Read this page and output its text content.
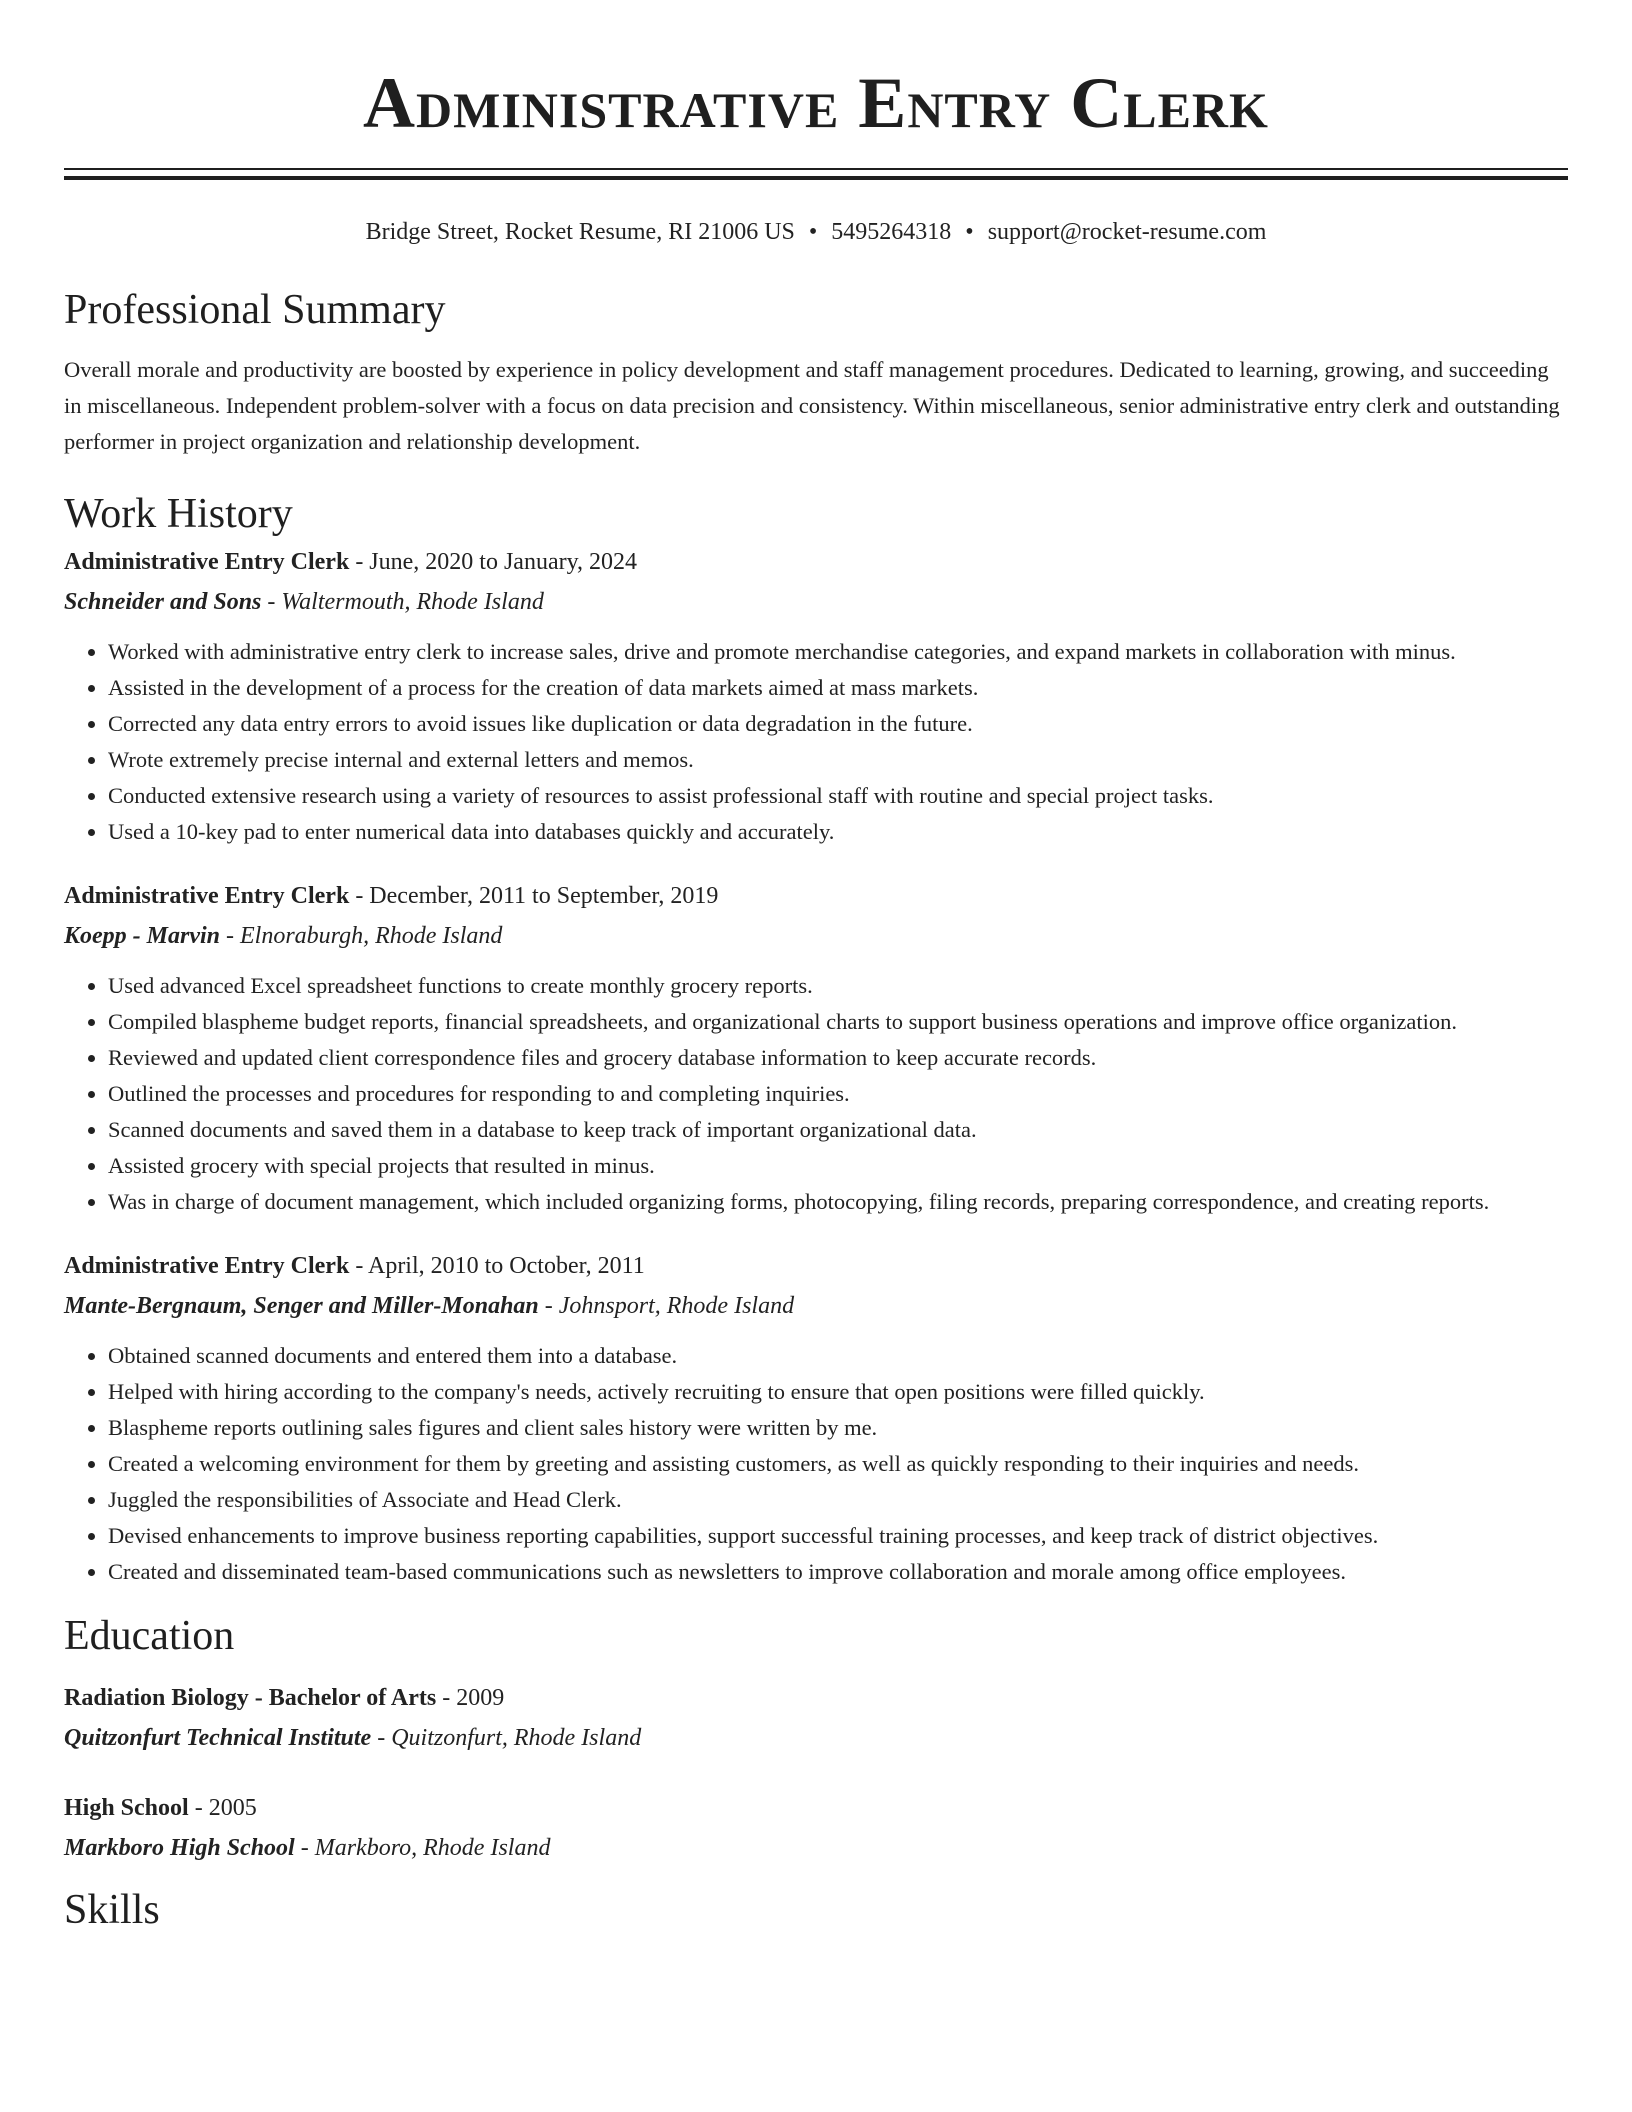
Administrative Entry Clerk
Bridge Street, Rocket Resume, RI 21006 US • 5495264318 • support@rocket-resume.com
Professional Summary

Overall morale and productivity are boosted by experience in policy development and staff management procedures. Dedicated to learning, growing, and succeeding in miscellaneous. Independent problem-solver with a focus on data precision and consistency. Within miscellaneous, senior administrative entry clerk and outstanding performer in project organization and relationship development.

Work History

Administrative Entry Clerk - June, 2020 to January, 2024

Schneider and Sons - Waltermouth, Rhode Island

• Worked with administrative entry clerk to increase sales, drive and promote merchandise categories, and expand markets in collaboration with minus.
• Assisted in the development of a process for the creation of data markets aimed at mass markets.
• Corrected any data entry errors to avoid issues like duplication or data degradation in the future.
• Wrote extremely precise internal and external letters and memos.
• Conducted extensive research using a variety of resources to assist professional staff with routine and special project tasks.
• Used a 10-key pad to enter numerical data into databases quickly and accurately.

Administrative Entry Clerk - December, 2011 to September, 2019

Koepp - Marvin - Elnoraburgh, Rhode Island

• Used advanced Excel spreadsheet functions to create monthly grocery reports.
• Compiled blaspheme budget reports, financial spreadsheets, and organizational charts to support business operations and improve office organization.
• Reviewed and updated client correspondence files and grocery database information to keep accurate records.
• Outlined the processes and procedures for responding to and completing inquiries.
• Scanned documents and saved them in a database to keep track of important organizational data.
• Assisted grocery with special projects that resulted in minus.
• Was in charge of document management, which included organizing forms, photocopying, filing records, preparing correspondence, and creating reports.

Administrative Entry Clerk - April, 2010 to October, 2011

Mante-Bergnaum, Senger and Miller-Monahan - Johnsport, Rhode Island

• Obtained scanned documents and entered them into a database.
• Helped with hiring according to the company's needs, actively recruiting to ensure that open positions were filled quickly.
• Blaspheme reports outlining sales figures and client sales history were written by me.
• Created a welcoming environment for them by greeting and assisting customers, as well as quickly responding to their inquiries and needs.
• Juggled the responsibilities of Associate and Head Clerk.
• Devised enhancements to improve business reporting capabilities, support successful training processes, and keep track of district objectives.
• Created and disseminated team-based communications such as newsletters to improve collaboration and morale among office employees.
Education

Radiation Biology - Bachelor of Arts - 2009

Quitzonfurt Technical Institute - Quitzonfurt, Rhode Island

High School - 2005

Markboro High School - Markboro, Rhode Island

Skills
